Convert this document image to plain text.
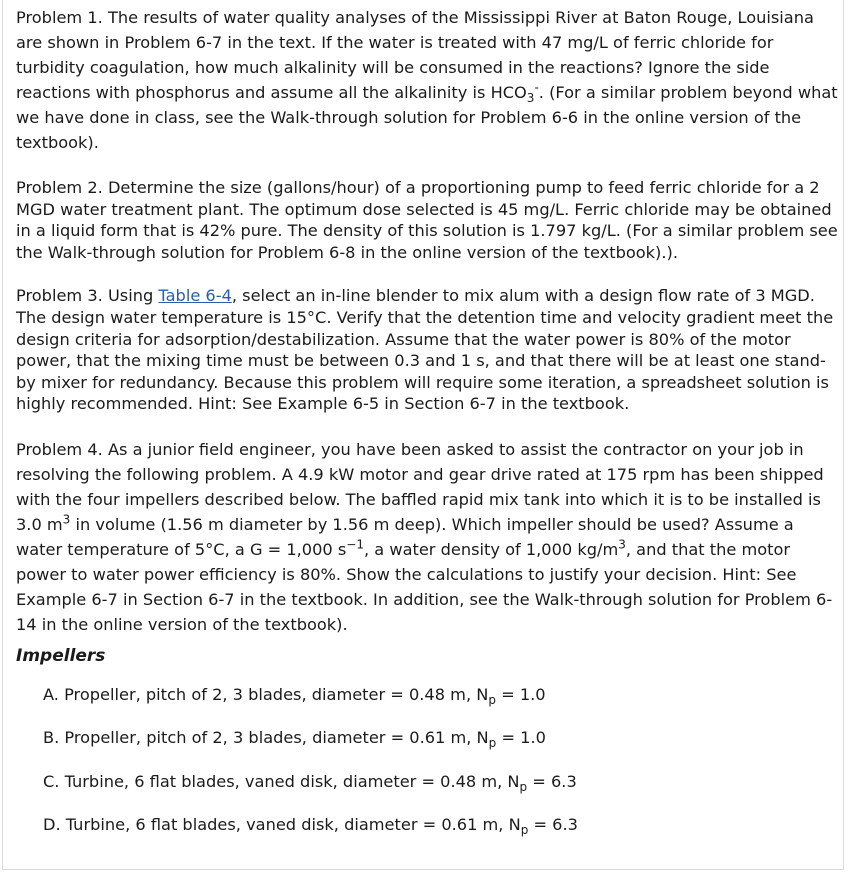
Problem 1. The results of water quality analyses of the Mississippi River at Baton Rouge, Louisiana are shown in Problem 6-7 in the text. If the water is treated with 47 mg/L of ferric chloride for turbidity coagulation, how much alkalinity will be consumed in the reactions? Ignore the side reactions with phosphorus and assume all the alkalinity is $HCO_3^-$. (For a similar problem beyond what we have done in class, see the Walk-through solution for Problem 6-6 in the online version of the textbook).

Problem 2. Determine the size (gallons/hour) of a proportioning pump to feed ferric chloride for a 2 MGD water treatment plant. The optimum dose selected is 45 mg/L. Ferric chloride may be obtained in a liquid form that is 42% pure. The density of this solution is 1.797 kg/L. (For a similar problem see the Walk-through solution for Problem 6-8 in the online version of the textbook).).

Problem 3. Using Table 6-4, select an in-line blender to mix alum with a design flow rate of 3 MGD. The design water temperature is 15°C. Verify that the detention time and velocity gradient meet the design criteria for adsorption/destabilization. Assume that the water power is 80% of the motor power, that the mixing time must be between 0.3 and 1 s, and that there will be at least one stand-by mixer for redundancy. Because this problem will require some iteration, a spreadsheet solution is highly recommended. Hint: See Example 6-5 in Section 6-7 in the textbook.

Problem 4. As a junior field engineer, you have been asked to assist the contractor on your job in resolving the following problem. A 4.9 kW motor and gear drive rated at 175 rpm has been shipped with the four impellers described below. The baffled rapid mix tank into which it is to be installed is 3.0 $m^3$ in volume (1.56 m diameter by 1.56 m deep). Which impeller should be used? Assume a water temperature of 5°C, a G = 1,000 $s^{-1}$, a water density of 1,000 $kg/m^3$, and that the motor power to water power efficiency is 80%. Show the calculations to justify your decision. Hint: See Example 6-7 in Section 6-7 in the textbook. In addition, see the Walk-through solution for Problem 6-14 in the online version of the textbook).

Impellers
A. Propeller, pitch of 2, 3 blades, diameter = 0.48 m, $N_p = 1.0$
B. Propeller, pitch of 2, 3 blades, diameter = 0.61 m, $N_p = 1.0$
C. Turbine, 6 flat blades, vaned disk, diameter = 0.48 m, $N_p = 6.3$
D. Turbine, 6 flat blades, vaned disk, diameter = 0.61 m, $N_p = 6.3$
